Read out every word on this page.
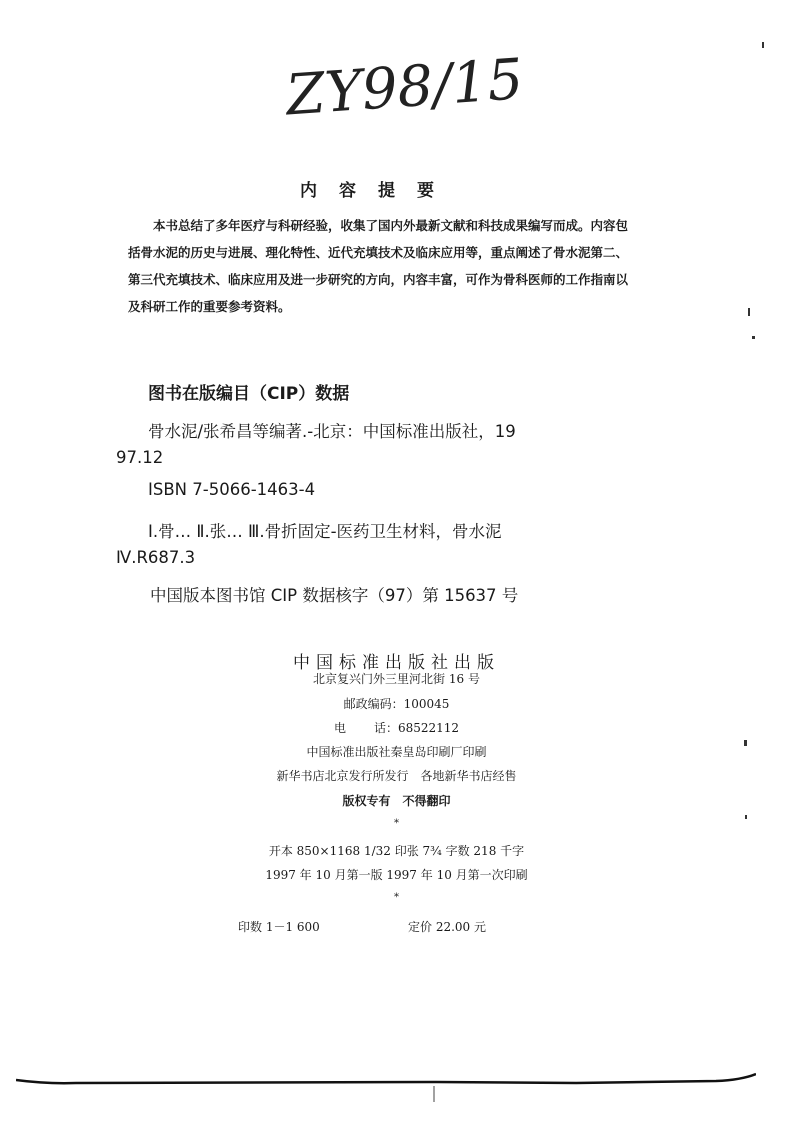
ZY98/15
内容提要

本书总结了多年医疗与科研经验，收集了国内外最新文献和科技成果编写而成。内容包括骨水泥的历史与进展、理化特性、近代充填技术及临床应用等，重点阐述了骨水泥第二、第三代充填技术、临床应用及进一步研究的方向，内容丰富，可作为骨科医师的工作指南以及科研工作的重要参考资料。

图书在版编目（CIP）数据
骨水泥/张希昌等编著.-北京：中国标准出版社，19
97.12
ISBN 7-5066-1463-4
Ⅰ.骨… Ⅱ.张… Ⅲ.骨折固定-医药卫生材料，骨水泥
Ⅳ.R687.3
中国版本图书馆 CIP 数据核字（97）第 15637 号
中国标准出版社出版
北京复兴门外三里河北街 16 号
邮政编码：100045
电 话：68522112
中国标准出版社秦皇岛印刷厂印刷
新华书店北京发行所发行　各地新华书店经售
版权专有　不得翻印
*
开本 850×1168 1/32 印张 7¾ 字数 218 千字
1997 年 10 月第一版 1997 年 10 月第一次印刷
*
印数 1－1 600	定价 22.00 元
